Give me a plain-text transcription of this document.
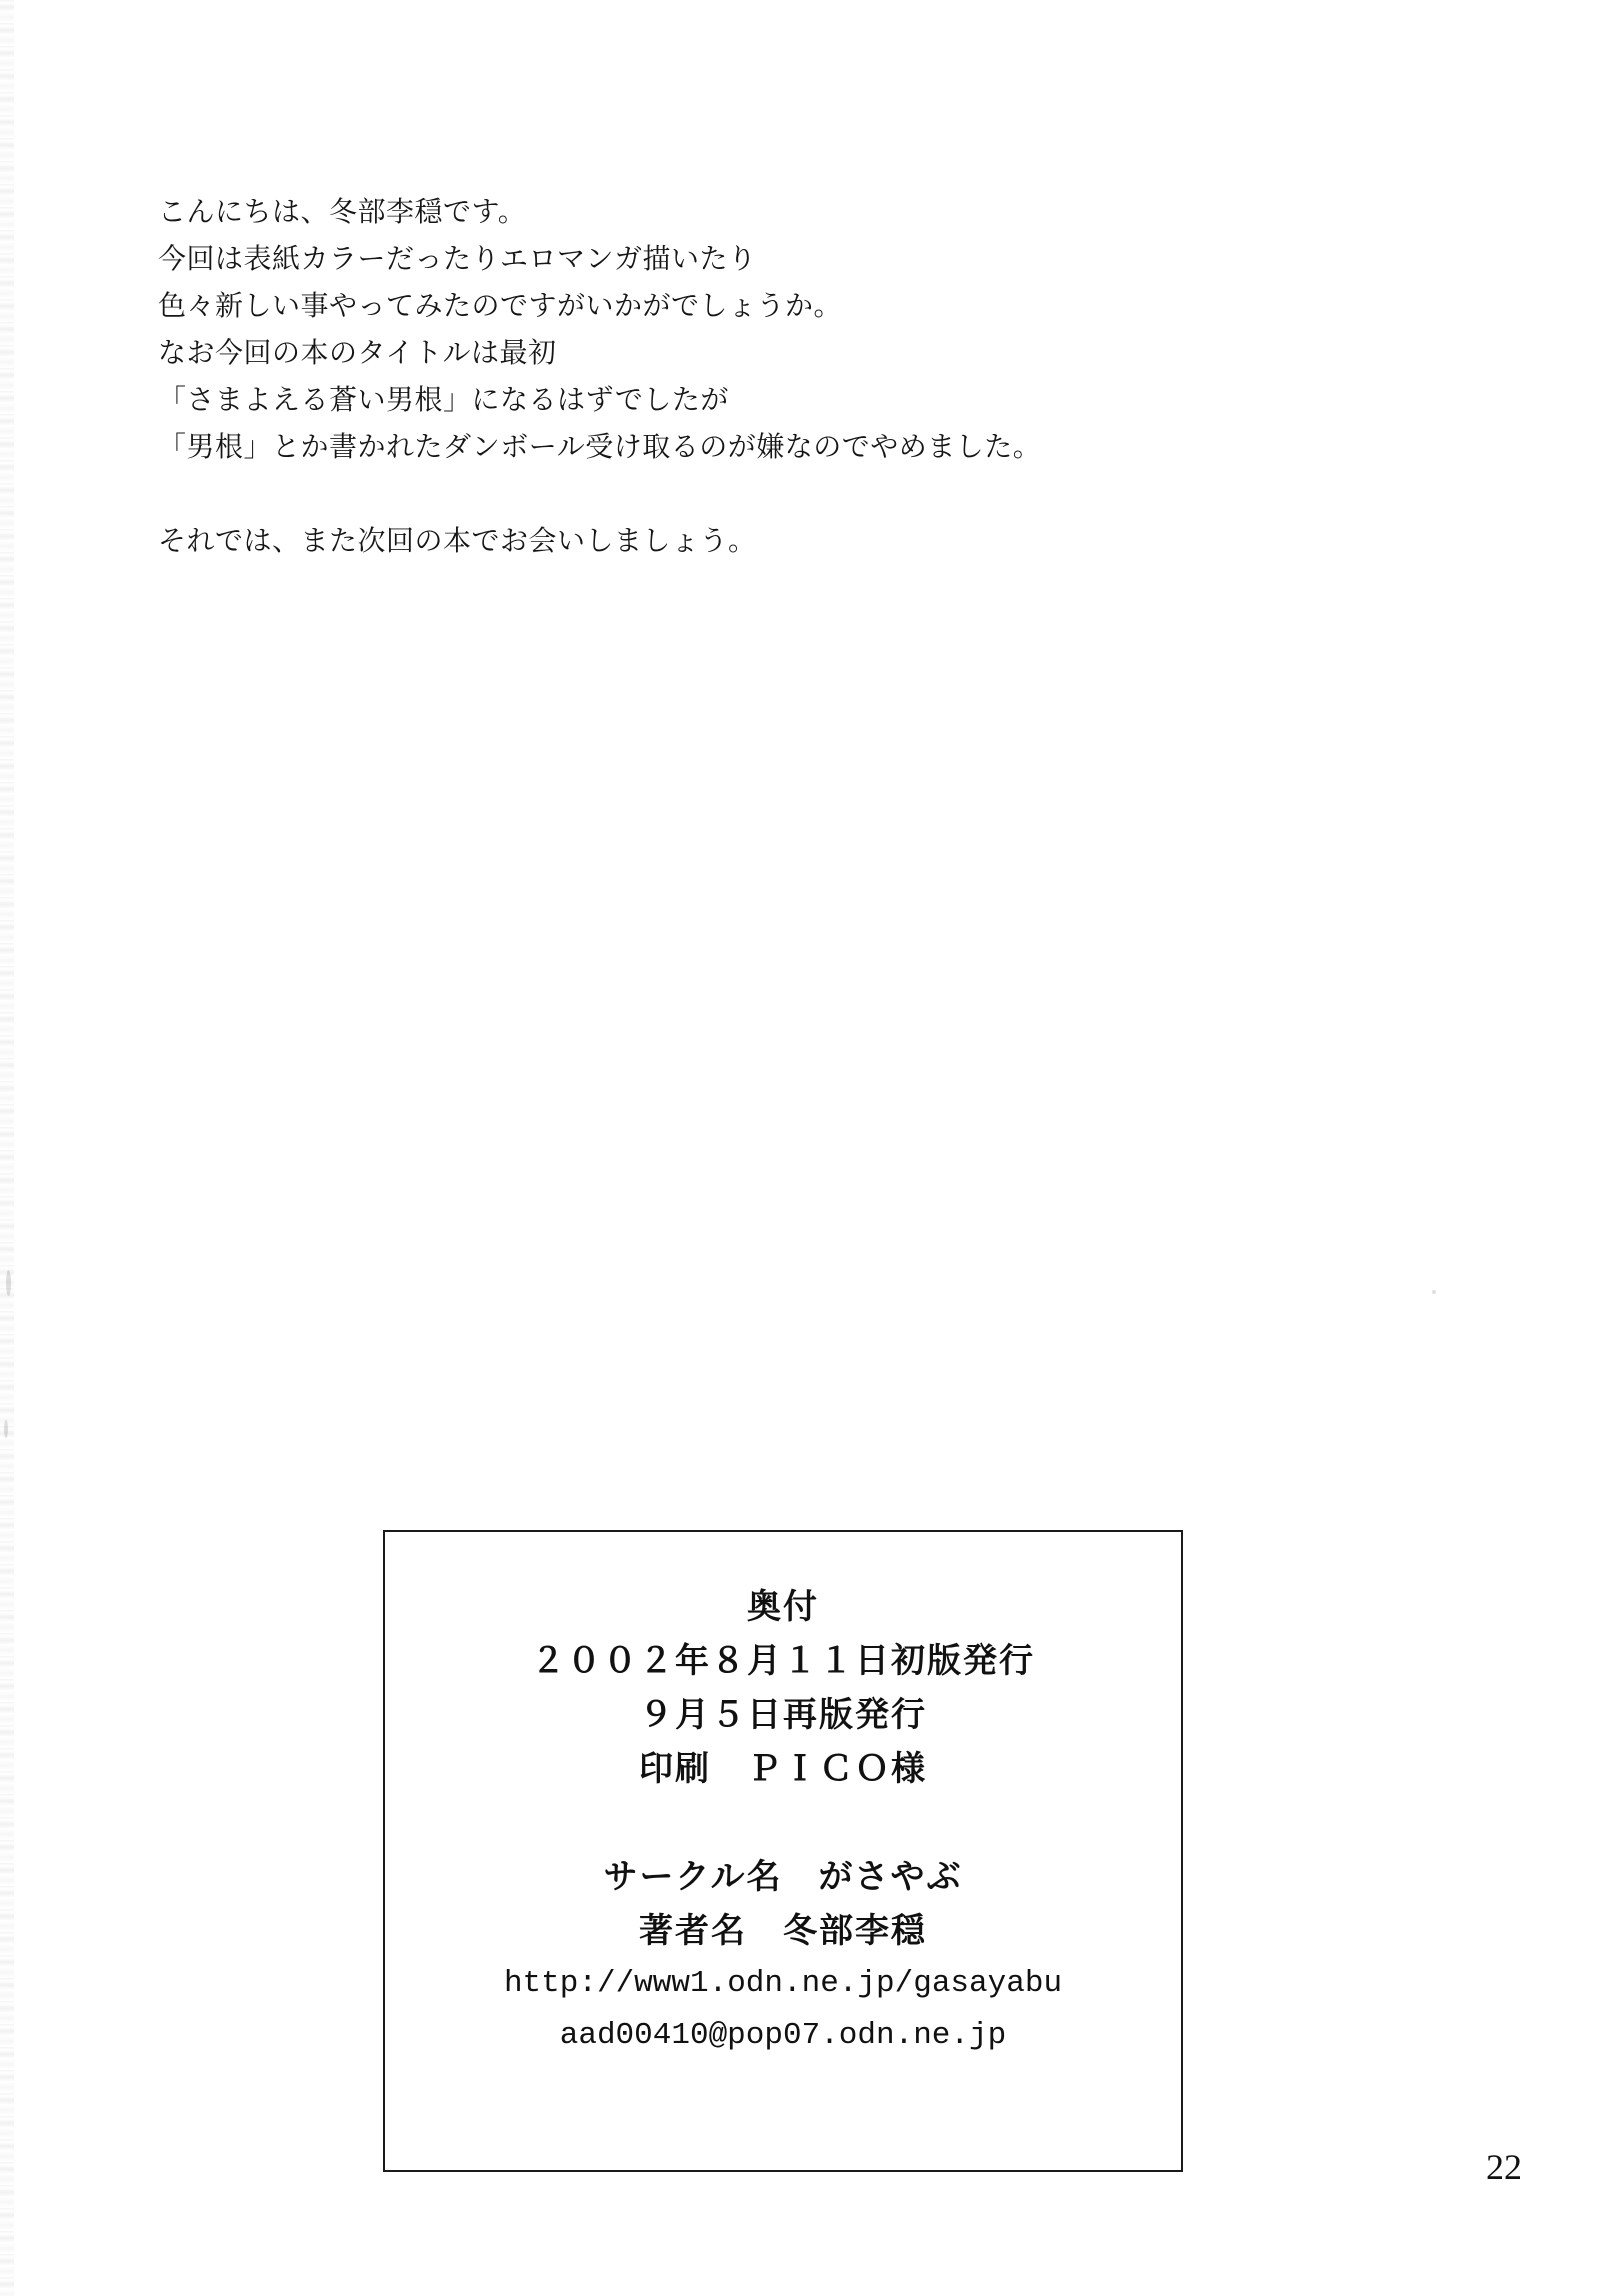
こんにちは、冬部李穏です。

今回は表紙カラーだったりエロマンガ描いたり

色々新しい事やってみたのですがいかがでしょうか。

なお今回の本のタイトルは最初

「さまよえる蒼い男根」になるはずでしたが

「男根」とか書かれたダンボール受け取るのが嫌なのでやめました。

それでは、また次回の本でお会いしましょう。

奥付
２００２年８月１１日初版発行
９月５日再版発行
印刷　ＰＩＣＯ様
サークル名　がさやぶ
著者名　冬部李穏
http://www1.odn.ne.jp/gasayabu
aad00410@pop07.odn.ne.jp
22
